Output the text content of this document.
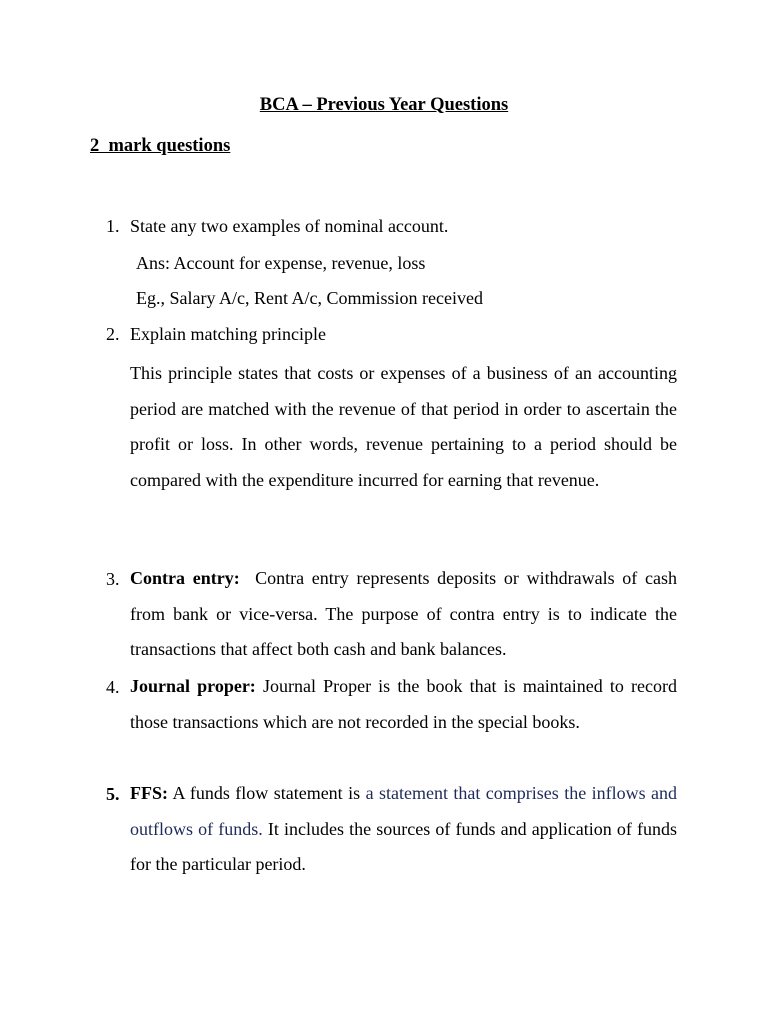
BCA – Previous Year Questions
2  mark questions
1. State any two examples of nominal account.
Ans: Account for expense, revenue, loss
Eg., Salary A/c, Rent A/c, Commission received
2. Explain matching principle
This principle states that costs or expenses of a business of an accounting period are matched with the revenue of that period in order to ascertain the profit or loss. In other words, revenue pertaining to a period should be compared with the expenditure incurred for earning that revenue.
3. Contra entry: Contra entry represents deposits or withdrawals of cash from bank or vice-versa. The purpose of contra entry is to indicate the transactions that affect both cash and bank balances.
4. Journal proper: Journal Proper is the book that is maintained to record those transactions which are not recorded in the special books.
5. FFS: A funds flow statement is a statement that comprises the inflows and outflows of funds. It includes the sources of funds and application of funds for the particular period.
